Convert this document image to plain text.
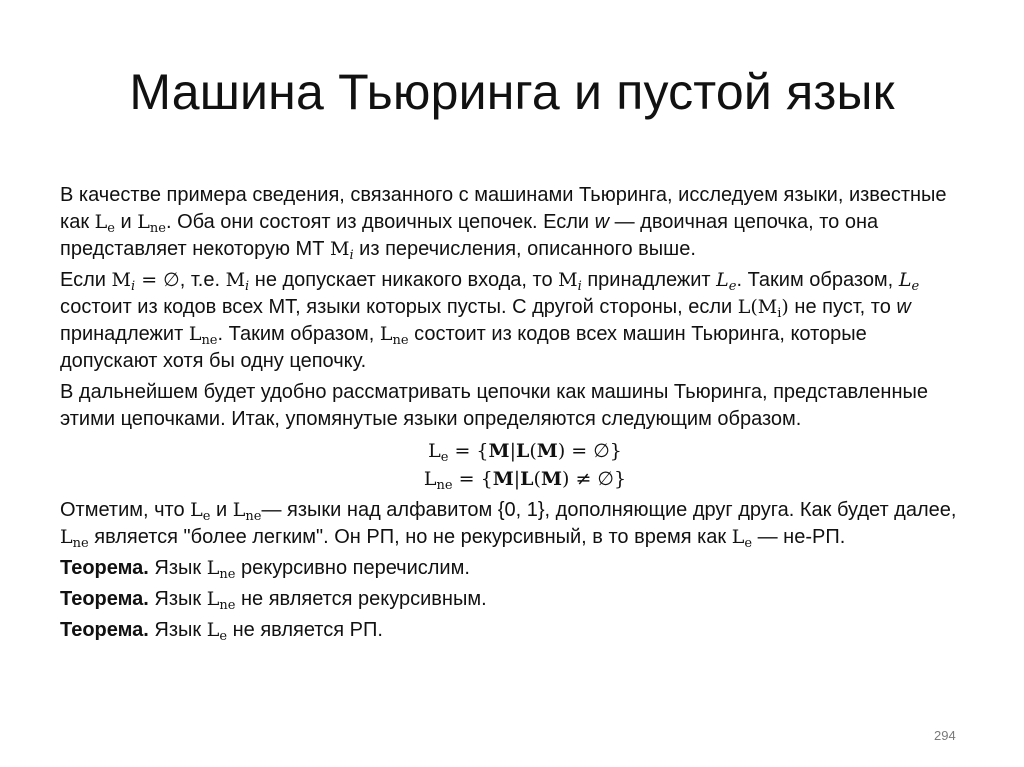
Машина Тьюринга и пустой язык
В качестве примера сведения, связанного с машинами Тьюринга, исследуем языки, известные как $L_e$ и $L_{ne}$. Оба они состоят из двоичных цепочек. Если w — двоичная цепочка, то она представляет некоторую МТ $M_i$ из перечисления, описанного выше.
Если $M_i$ = ∅, т.е. $M_i$ не допускает никакого входа, то $M_i$ принадлежит $L_e$. Таким образом, $L_e$ состоит из кодов всех МТ, языки которых пусты. С другой стороны, если $L(M_i)$ не пуст, то w принадлежит $L_{ne}$. Таким образом, $L_{ne}$ состоит из кодов всех машин Тьюринга, которые допускают хотя бы одну цепочку.
В дальнейшем будет удобно рассматривать цепочки как машины Тьюринга, представленные этими цепочками. Итак, упомянутые языки определяются следующим образом.
$L_e = \{M|L(M)$ = ∅}
$L_{ne} = \{M|L(M)$ ≠ ∅}
Отметим, что $L_e$ и $L_{ne}—$ языки над алфавитом {0, 1}, дополняющие друг друга. Как будет далее, $L_{ne}$ является "более легким". Он РП, но не рекурсивный, в то время как $L_e$ — не-РП.
Теорема. Язык $L_{ne}$ рекурсивно перечислим.
Теорема. Язык $L_{ne}$ не является рекурсивным.
Теорема. Язык $L_e$ не является РП.
294
